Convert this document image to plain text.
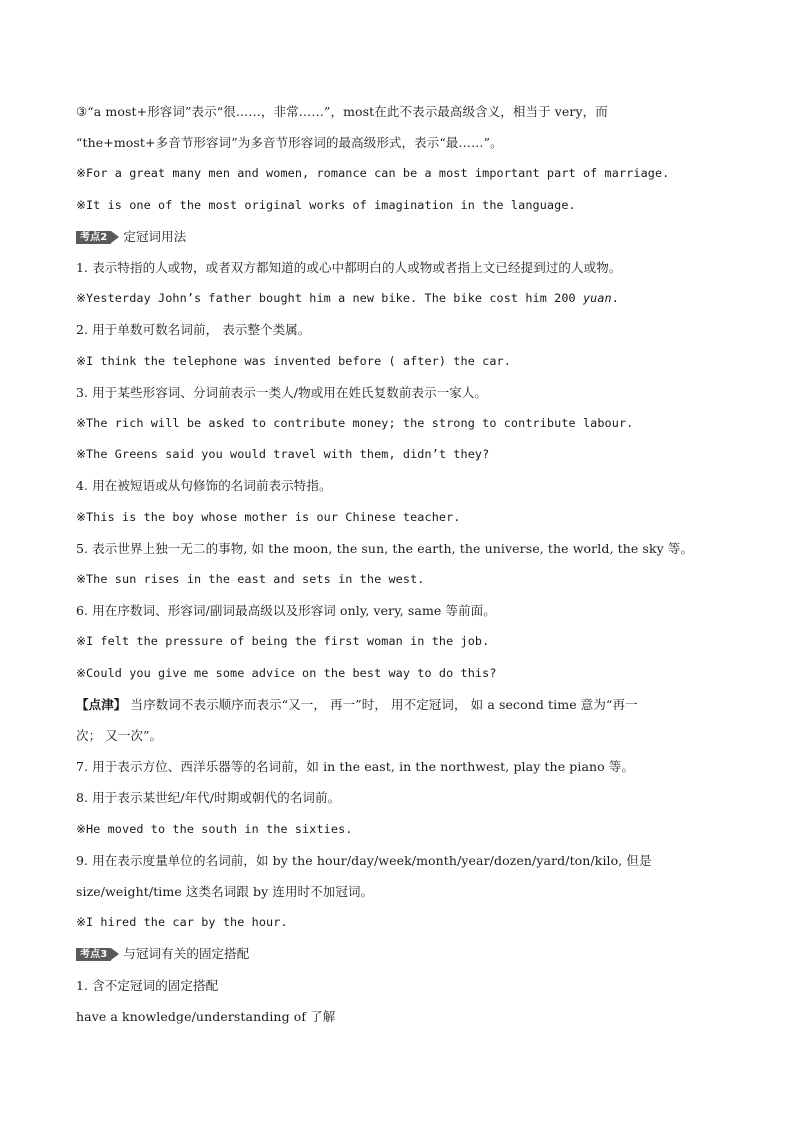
③“a most+形容词”表示“很……，非常……”，most在此不表示最高级含义，相当于 very，而
“the+most+多音节形容词”为多音节形容词的最高级形式，表示“最……”。
※For a great many men and women, romance can be a most important part of marriage.
※It is one of the most original works of imagination in the language.
考点2 定冠词用法
1. 表示特指的人或物，或者双方都知道的或心中都明白的人或物或者指上文已经提到过的人或物。
※Yesterday John’s father bought him a new bike. The bike cost him 200 yuan.
2. 用于单数可数名词前， 表示整个类属。
※I think the telephone was invented before ( after) the car.
3. 用于某些形容词、分词前表示一类人/物或用在姓氏复数前表示一家人。
※The rich will be asked to contribute money; the strong to contribute labour.
※The Greens said you would travel with them, didn’t they?
4. 用在被短语或从句修饰的名词前表示特指。
※This is the boy whose mother is our Chinese teacher.
5. 表示世界上独一无二的事物, 如 the moon, the sun, the earth, the universe, the world, the sky 等。
※The sun rises in the east and sets in the west.
6. 用在序数词、形容词/副词最高级以及形容词 only, very, same 等前面。
※I felt the pressure of being the first woman in the job.
※Could you give me some advice on the best way to do this?
【点津】 当序数词不表示顺序而表示“又一， 再一”时， 用不定冠词， 如 a second time 意为“再一
次； 又一次”。
7. 用于表示方位、西洋乐器等的名词前，如 in the east, in the northwest, play the piano 等。
8. 用于表示某世纪/年代/时期或朝代的名词前。
※He moved to the south in the sixties.
9. 用在表示度量单位的名词前，如 by the hour/day/week/month/year/dozen/yard/ton/kilo, 但是
size/weight/time 这类名词跟 by 连用时不加冠词。
※I hired the car by the hour.
考点3 与冠词有关的固定搭配
1. 含不定冠词的固定搭配
have a knowledge/understanding of 了解
